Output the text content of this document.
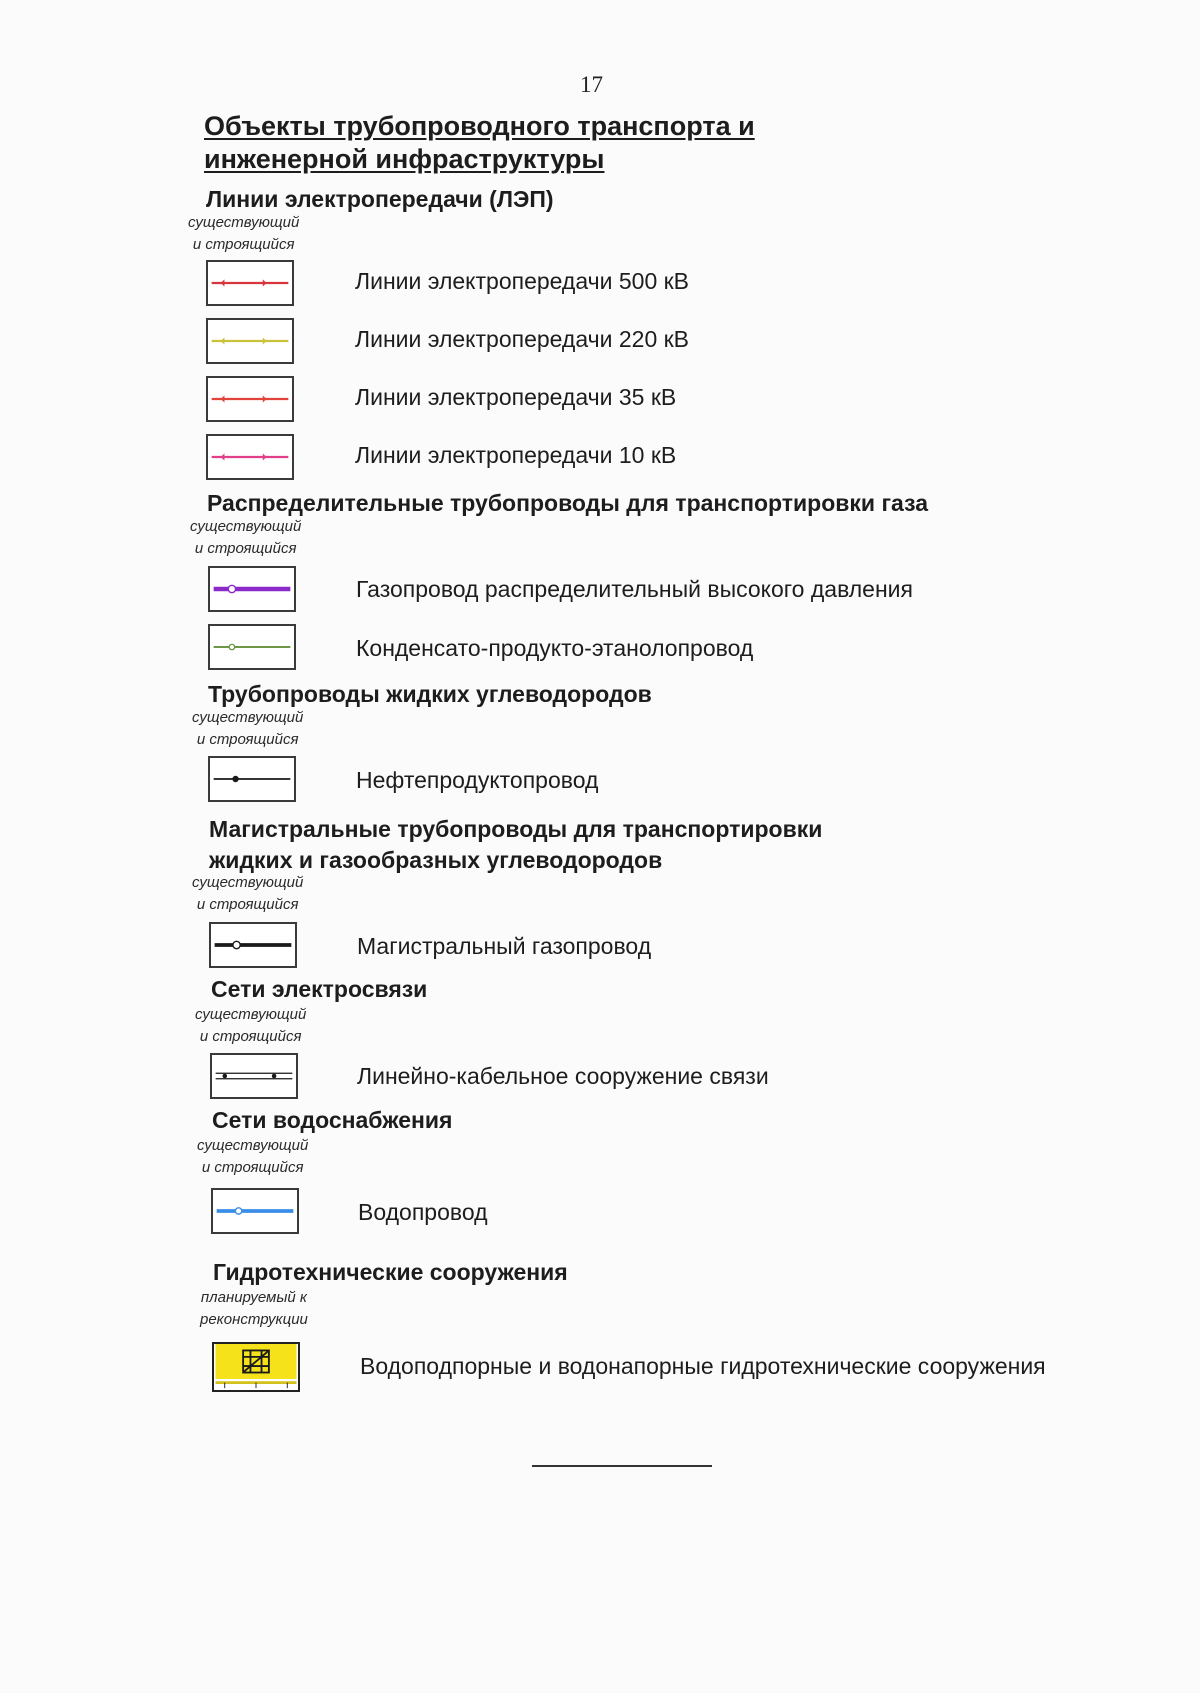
17
Объекты трубопроводного транспорта и
инженерной инфраструктуры
Линии электропередачи (ЛЭП)
существующий
и строящийся
Линии электропередачи 500 кВ
Линии электропередачи 220 кВ
Линии электропередачи 35 кВ
Линии электропередачи 10 кВ
Распределительные трубопроводы для транспортировки газа
существующий
и строящийся
Газопровод распределительный высокого давления
Конденсато-продукто-этанолопровод
Трубопроводы жидких углеводородов
существующий
и строящийся
Нефтепродуктопровод
Магистральные трубопроводы для транспортировки
жидких и газообразных углеводородов
существующий
и строящийся
Магистральный газопровод
Сети электросвязи
существующий
и строящийся
Линейно-кабельное сооружение связи
Сети водоснабжения
существующий
и строящийся
Водопровод
Гидротехнические сооружения
планируемый к
реконструкции
Водоподпорные и водонапорные гидротехнические сооружения
